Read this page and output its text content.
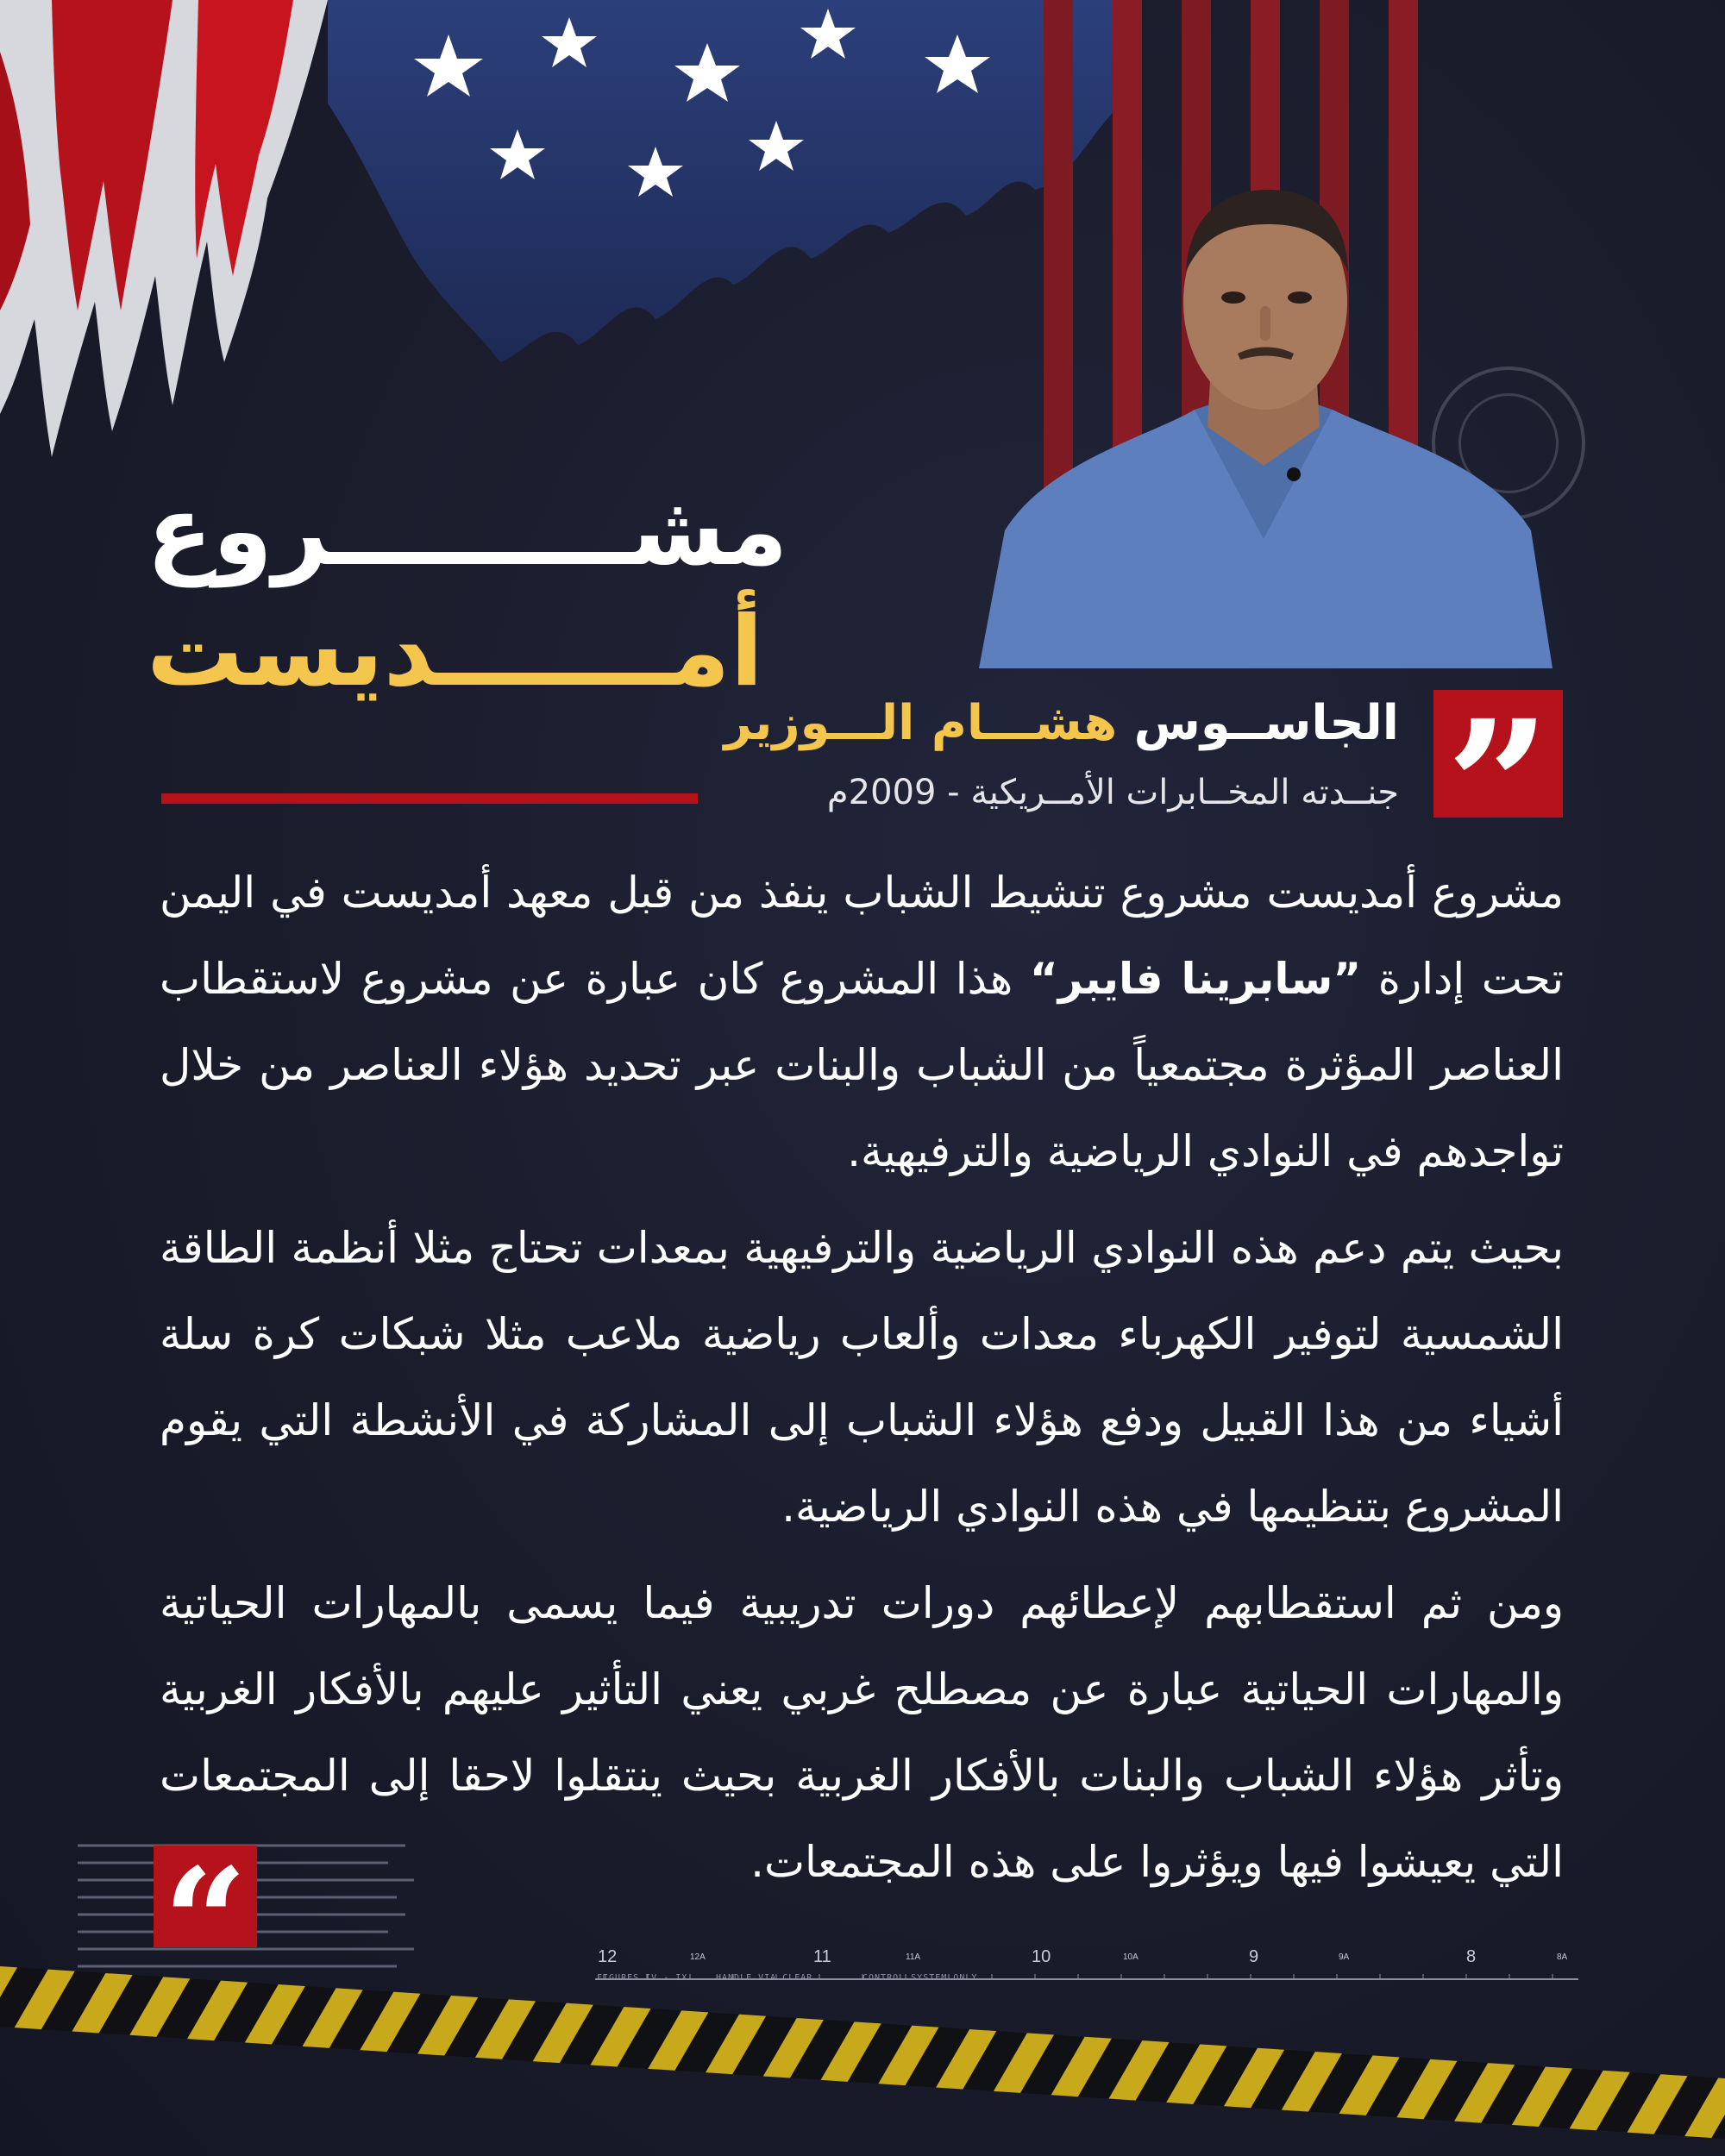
مشـــــــــروع
أمـــــــديست
”
الجاســوس هشـــام الـــوزير
جنــدته المخــابرات الأمــريكية - 2009م

مشروع أمديست مشروع تنشيط الشباب ينفذ من قبل معهد أمديست في اليمن تحت إدارة ”سابرينا فايبر“ هذا المشروع كان عبارة عن مشروع لاستقطاب العناصر المؤثرة مجتمعياً من الشباب والبنات عبر تحديد هؤلاء العناصر من خلال تواجدهم في النوادي الرياضية والترفيهية.

بحيث يتم دعم هذه النوادي الرياضية والترفيهية بمعدات تحتاج مثلا أنظمة الطاقة الشمسية لتوفير الكهرباء معدات وألعاب رياضية ملاعب مثلا شبكات كرة سلة أشياء من هذا القبيل ودفع هؤلاء الشباب إلى المشاركة في الأنشطة التي يقوم المشروع بتنظيمها في هذه النوادي الرياضية.

ومن ثم استقطابهم لإعطائهم دورات تدريبية فيما يسمى بالمهارات الحياتية والمهارات الحياتية عبارة عن مصطلح غربي يعني التأثير عليهم بالأفكار الغربية وتأثر هؤلاء الشباب والبنات بالأفكار الغربية بحيث ينتقلوا لاحقا إلى المجتمعات التي يعيشوا فيها ويؤثروا على هذه المجتمعات.

“	12	12A	11	11A	10	10A	9	9A	8	8A
FIGURES IV - IX	HANDLE VIA CLEAR	CONTROL SYSTEM ONLY
